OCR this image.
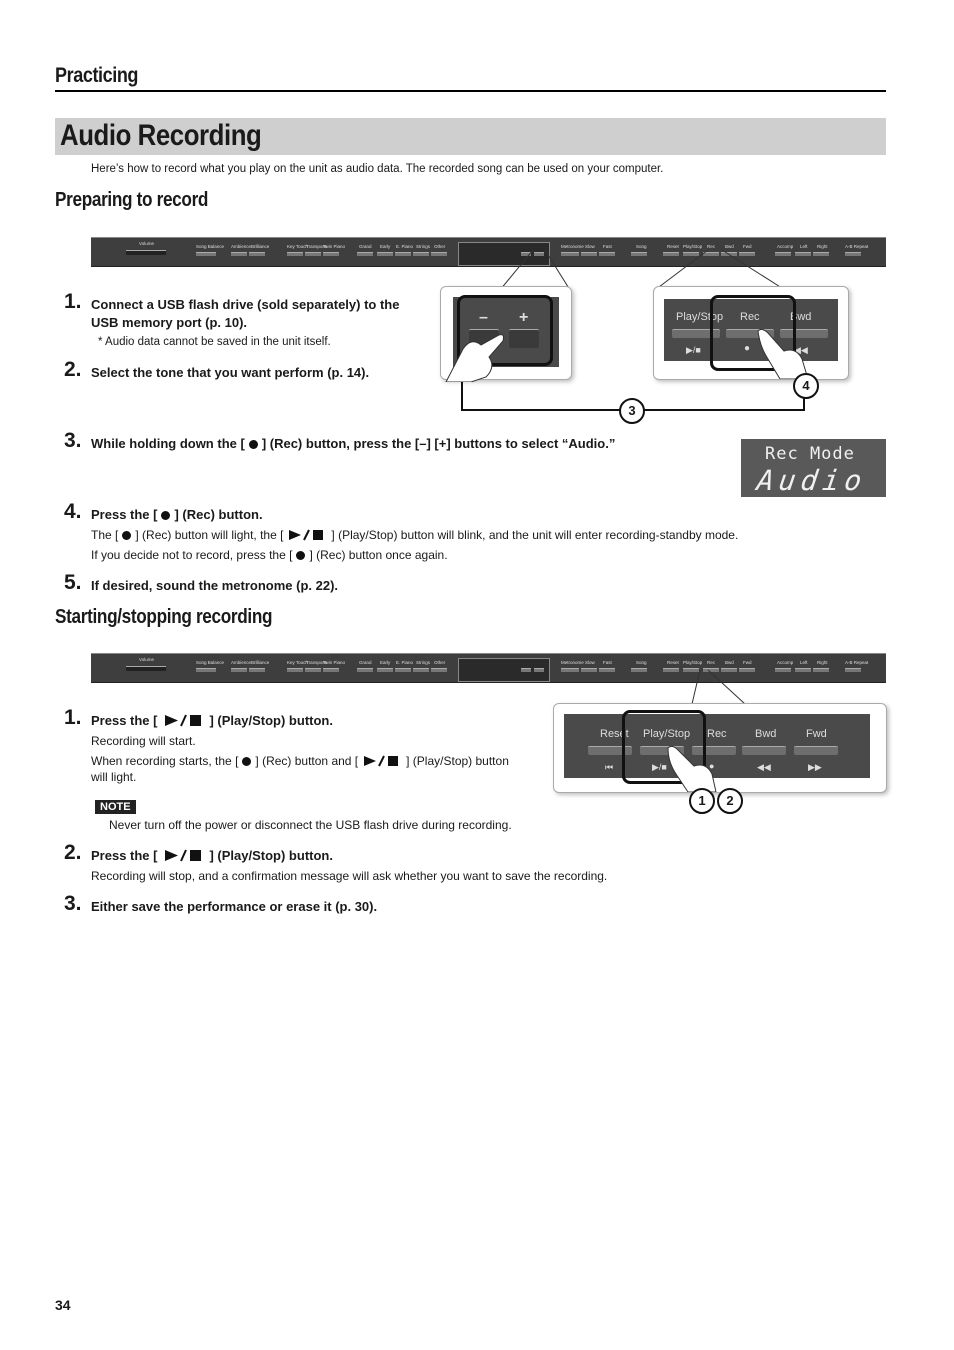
Practicing
Audio Recording
Here’s how to record what you play on the unit as audio data. The recorded song can be used on your computer.
Preparing to record
Volume
Song Balance Ambience Brilliance	Key Touch
Transpose
Twin Piano	Grand Early E. Piano Strings Other	Metronome Slow Fast	Song	Reset Play/Stop Rec Bwd Fwd	Accomp Left Right	A-B Repeat
– +	Play/Stop Rec	Bwd
▶/■	●	◀◀
3
4
1. Connect a USB flash drive (sold separately) to the
USB memory port (p. 10).
* Audio data cannot be saved in the unit itself.
2. Select the tone that you want perform (p. 14).
3. While holding down the [ ] (Rec) button, press the [–] [+] buttons to select “Audio.”
Rec Mode
Audio
4. Press the [ ] (Rec) button.
The [ ] (Rec) button will light, the [	] (Play/Stop) button will blink, and the unit will enter recording-standby mode.
If you decide not to record, press the [ ] (Rec) button once again.
5. If desired, sound the metronome (p. 22).
Starting/stopping recording
Volume
Song Balance Ambience Brilliance	Key Touch
Transpose
Twin Piano	Grand Early E. Piano Strings Other	Metronome Slow Fast	Song	Reset Play/Stop Rec Bwd Fwd	Accomp Left Right	A-B Repeat
Reset Play/Stop Rec	Bwd	Fwd
⏮	▶/■	●	◀◀	▶▶
1	2
1. Press the [	] (Play/Stop) button.
Recording will start.
When recording starts, the [ ] (Rec) button and [	] (Play/Stop) button
will light.
NOTE
Never turn off the power or disconnect the USB flash drive during recording.
2. Press the [	] (Play/Stop) button.
Recording will stop, and a confirmation message will ask whether you want to save the recording.
3. Either save the performance or erase it (p. 30).
34
